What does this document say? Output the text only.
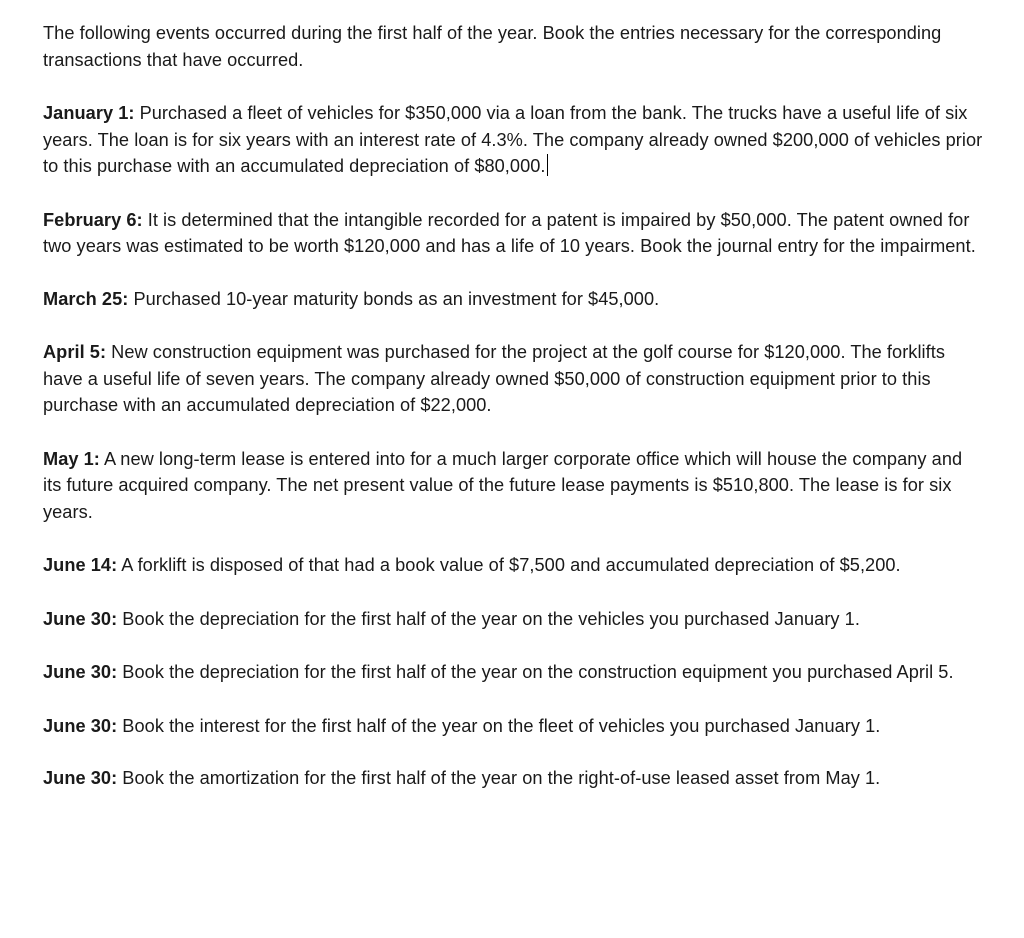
The following events occurred during the first half of the year. Book the entries necessary for the corresponding transactions that have occurred.

January 1: Purchased a fleet of vehicles for $350,000 via a loan from the bank. The trucks have a useful life of six years. The loan is for six years with an interest rate of 4.3%. The company already owned $200,000 of vehicles prior to this purchase with an accumulated depreciation of $80,000.

February 6: It is determined that the intangible recorded for a patent is impaired by $50,000. The patent owned for two years was estimated to be worth $120,000 and has a life of 10 years. Book the journal entry for the impairment.

March 25: Purchased 10-year maturity bonds as an investment for $45,000.

April 5: New construction equipment was purchased for the project at the golf course for $120,000. The forklifts have a useful life of seven years. The company already owned $50,000 of construction equipment prior to this purchase with an accumulated depreciation of $22,000.

May 1: A new long-term lease is entered into for a much larger corporate office which will house the company and its future acquired company. The net present value of the future lease payments is $510,800. The lease is for six years.

June 14: A forklift is disposed of that had a book value of $7,500 and accumulated depreciation of $5,200.

June 30: Book the depreciation for the first half of the year on the vehicles you purchased January 1.

June 30: Book the depreciation for the first half of the year on the construction equipment you purchased April 5.

June 30: Book the interest for the first half of the year on the fleet of vehicles you purchased January 1.

June 30: Book the amortization for the first half of the year on the right-of-use leased asset from May 1.
